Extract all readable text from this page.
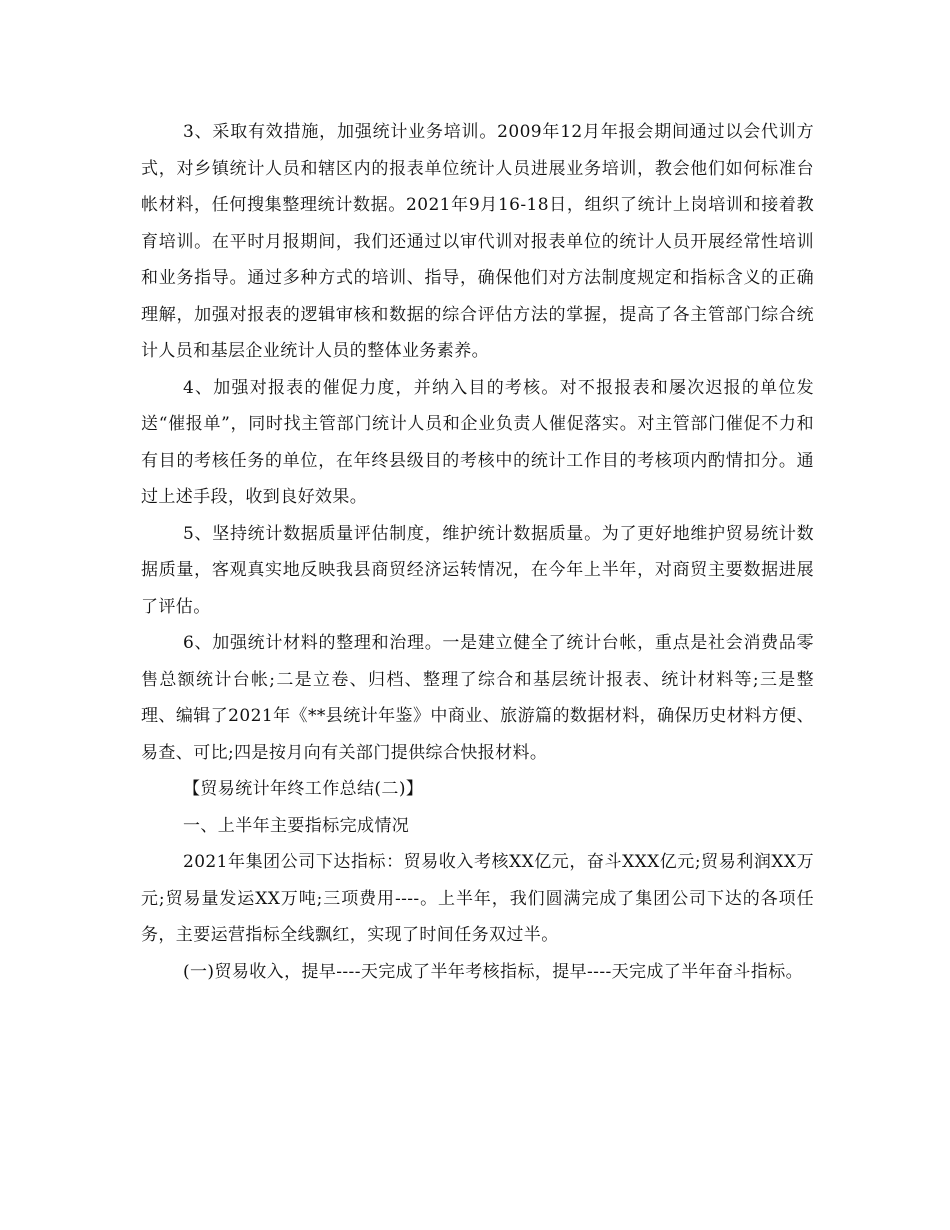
3、采取有效措施，加强统计业务培训。2009年12月年报会期间通过以会代训方式，对乡镇统计人员和辖区内的报表单位统计人员进展业务培训，教会他们如何标准台帐材料，任何搜集整理统计数据。2021年9月16-18日，组织了统计上岗培训和接着教育培训。在平时月报期间，我们还通过以审代训对报表单位的统计人员开展经常性培训和业务指导。通过多种方式的培训、指导，确保他们对方法制度规定和指标含义的正确理解，加强对报表的逻辑审核和数据的综合评估方法的掌握，提高了各主管部门综合统计人员和基层企业统计人员的整体业务素养。

4、加强对报表的催促力度，并纳入目的考核。对不报报表和屡次迟报的单位发送“催报单”，同时找主管部门统计人员和企业负责人催促落实。对主管部门催促不力和有目的考核任务的单位，在年终县级目的考核中的统计工作目的考核项内酌情扣分。通过上述手段，收到良好效果。

5、坚持统计数据质量评估制度，维护统计数据质量。为了更好地维护贸易统计数据质量，客观真实地反映我县商贸经济运转情况，在今年上半年，对商贸主要数据进展了评估。

6、加强统计材料的整理和治理。一是建立健全了统计台帐，重点是社会消费品零售总额统计台帐;二是立卷、归档、整理了综合和基层统计报表、统计材料等;三是整理、编辑了2021年《**县统计年鉴》中商业、旅游篇的数据材料，确保历史材料方便、易查、可比;四是按月向有关部门提供综合快报材料。

【贸易统计年终工作总结(二)】

一、上半年主要指标完成情况

2021年集团公司下达指标：贸易收入考核XX亿元，奋斗XXX亿元;贸易利润XX万元;贸易量发运XX万吨;三项费用----。上半年，我们圆满完成了集团公司下达的各项任务，主要运营指标全线飘红，实现了时间任务双过半。

(一)贸易收入，提早----天完成了半年考核指标，提早----天完成了半年奋斗指标。
